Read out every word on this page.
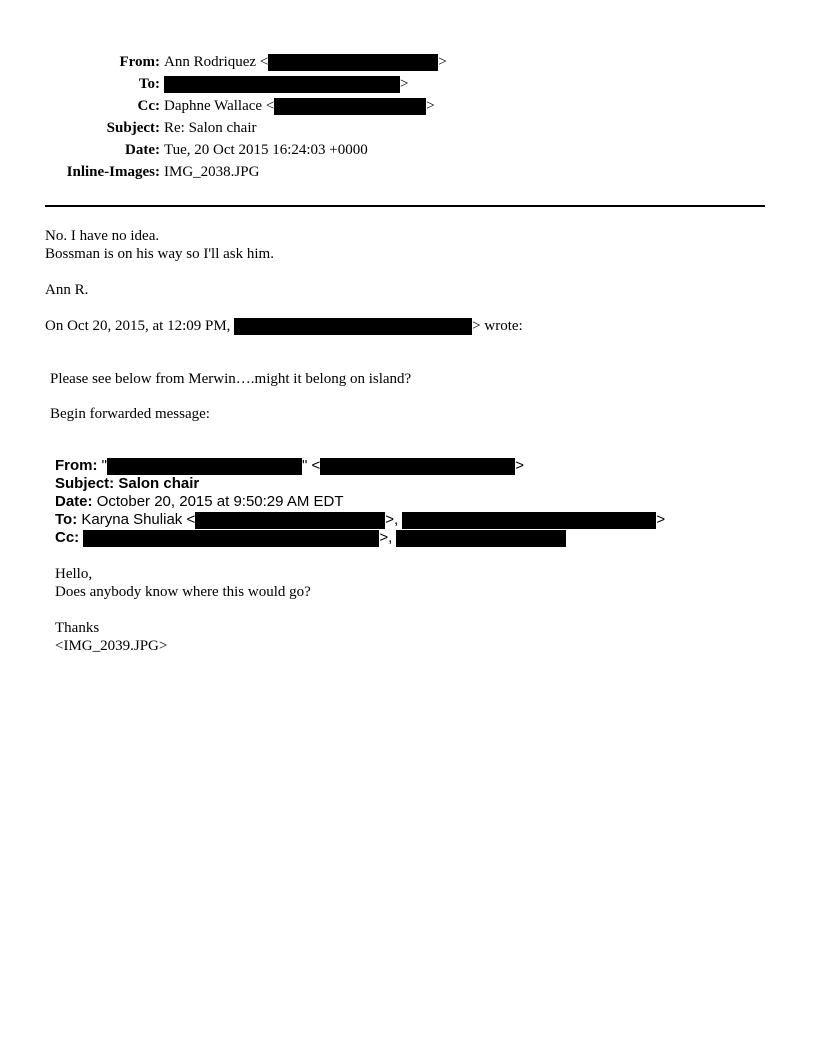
From: Ann Rodriquez <	>
To:	>
Cc: Daphne Wallace <	>
Subject: Re: Salon chair
Date: Tue, 20 Oct 2015 16:24:03 +0000
Inline-Images: IMG_2038.JPG
No. I have no idea.
Bossman is on his way so I'll ask him.
Ann R.
On Oct 20, 2015, at 12:09 PM,	> wrote:
Please see below from Merwin….might it belong on island?
Begin forwarded message:
From: "	" <	>
Subject: Salon chair
Date: October 20, 2015 at 9:50:29 AM EDT
To: Karyna Shuliak <	>,	>
Cc:	>,
Hello,
Does anybody know where this would go?
Thanks
<IMG_2039.JPG>
